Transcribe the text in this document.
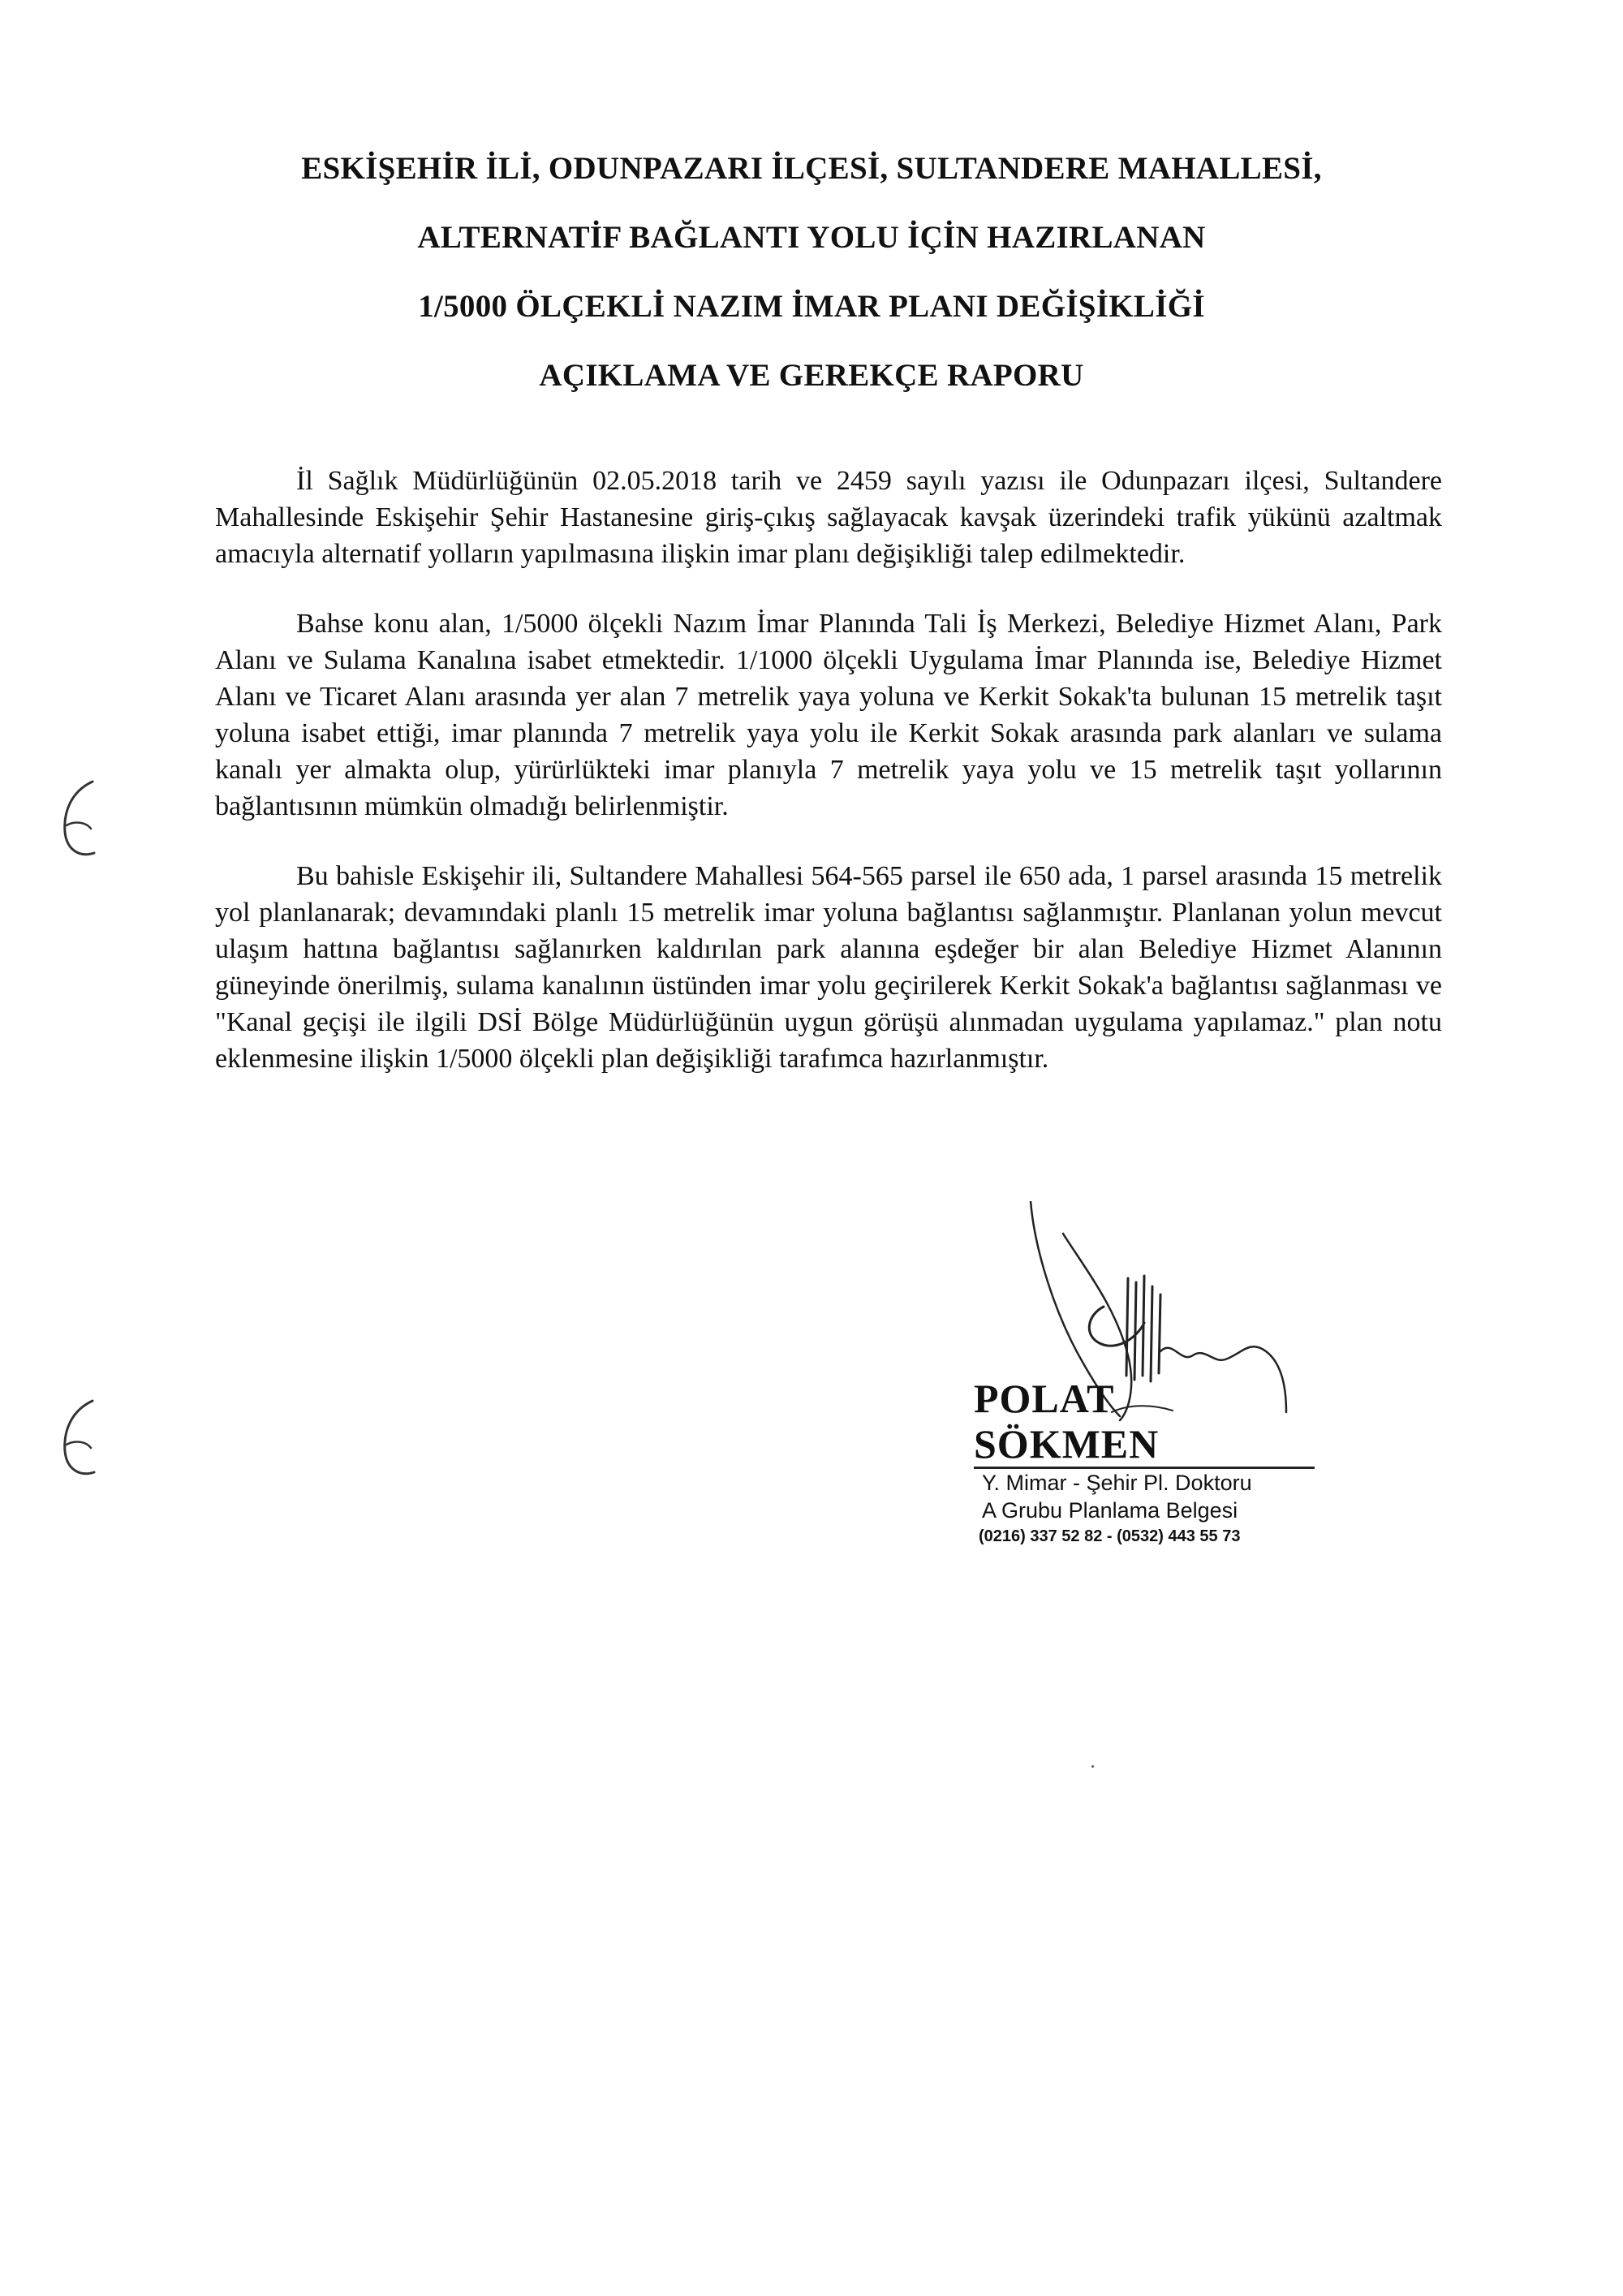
ESKİŞEHİR İLİ, ODUNPAZARI İLÇESİ, SULTANDERE MAHALLESİ,
ALTERNATİF BAĞLANTI YOLU İÇİN HAZIRLANAN
1/5000 ÖLÇEKLİ NAZIM İMAR PLANI DEĞİŞİKLİĞİ
AÇIKLAMA VE GEREKÇE RAPORU

İl Sağlık Müdürlüğünün 02.05.2018 tarih ve 2459 sayılı yazısı ile Odunpazarı ilçesi, Sultandere Mahallesinde Eskişehir Şehir Hastanesine giriş-çıkış sağlayacak kavşak üzerindeki trafik yükünü azaltmak amacıyla alternatif yolların yapılmasına ilişkin imar planı değişikliği talep edilmektedir.

Bahse konu alan, 1/5000 ölçekli Nazım İmar Planında Tali İş Merkezi, Belediye Hizmet Alanı, Park Alanı ve Sulama Kanalına isabet etmektedir. 1/1000 ölçekli Uygulama İmar Planında ise, Belediye Hizmet Alanı ve Ticaret Alanı arasında yer alan 7 metrelik yaya yoluna ve Kerkit Sokak'ta bulunan 15 metrelik taşıt yoluna isabet ettiği, imar planında 7 metrelik yaya yolu ile Kerkit Sokak arasında park alanları ve sulama kanalı yer almakta olup, yürürlükteki imar planıyla 7 metrelik yaya yolu ve 15 metrelik taşıt yollarının bağlantısının mümkün olmadığı belirlenmiştir.

Bu bahisle Eskişehir ili, Sultandere Mahallesi 564-565 parsel ile 650 ada, 1 parsel arasında 15 metrelik yol planlanarak; devamındaki planlı 15 metrelik imar yoluna bağlantısı sağlanmıştır. Planlanan yolun mevcut ulaşım hattına bağlantısı sağlanırken kaldırılan park alanına eşdeğer bir alan Belediye Hizmet Alanının güneyinde önerilmiş, sulama kanalının üstünden imar yolu geçirilerek Kerkit Sokak'a bağlantısı sağlanması ve "Kanal geçişi ile ilgili DSİ Bölge Müdürlüğünün uygun görüşü alınmadan uygulama yapılamaz." plan notu eklenmesine ilişkin 1/5000 ölçekli plan değişikliği tarafımca hazırlanmıştır.

POLAT SÖKMEN
Y. Mimar - Şehir Pl. Doktoru
A Grubu Planlama Belgesi
(0216) 337 52 82 - (0532) 443 55 73
